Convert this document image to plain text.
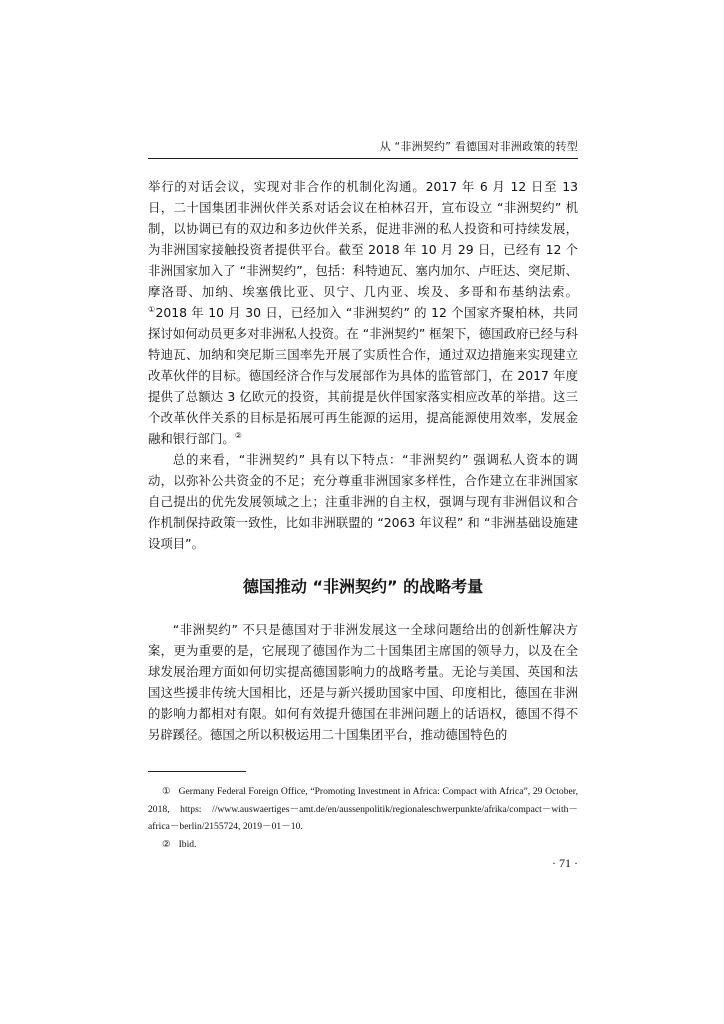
从 “非洲契约” 看德国对非洲政策的转型

举行的对话会议，实现对非合作的机制化沟通。2017 年 6 月 12 日至 13 日，二十国集团非洲伙伴关系对话会议在柏林召开，宣布设立 “非洲契约” 机制，以协调已有的双边和多边伙伴关系，促进非洲的私人投资和可持续发展，为非洲国家接触投资者提供平台。截至 2018 年 10 月 29 日，已经有 12 个非洲国家加入了 “非洲契约”，包括：科特迪瓦、塞内加尔、卢旺达、突尼斯、摩洛哥、加纳、埃塞俄比亚、贝宁、几内亚、埃及、多哥和布基纳法索。①2018 年 10 月 30 日，已经加入 “非洲契约” 的 12 个国家齐聚柏林，共同探讨如何动员更多对非洲私人投资。在 “非洲契约” 框架下，德国政府已经与科特迪瓦、加纳和突尼斯三国率先开展了实质性合作，通过双边措施来实现建立改革伙伴的目标。德国经济合作与发展部作为具体的监管部门，在 2017 年度提供了总额达 3 亿欧元的投资，其前提是伙伴国家落实相应改革的举措。这三个改革伙伴关系的目标是拓展可再生能源的运用，提高能源使用效率，发展金融和银行部门。②

总的来看，“非洲契约” 具有以下特点：“非洲契约” 强调私人资本的调动，以弥补公共资金的不足；充分尊重非洲国家多样性，合作建立在非洲国家自己提出的优先发展领域之上；注重非洲的自主权，强调与现有非洲倡议和合作机制保持政策一致性，比如非洲联盟的 “2063 年议程” 和 “非洲基础设施建设项目”。

德国推动 “非洲契约” 的战略考量

“非洲契约” 不只是德国对于非洲发展这一全球问题给出的创新性解决方案，更为重要的是，它展现了德国作为二十国集团主席国的领导力，以及在全球发展治理方面如何切实提高德国影响力的战略考量。无论与美国、英国和法国这些援非传统大国相比，还是与新兴援助国家中国、印度相比，德国在非洲的影响力都相对有限。如何有效提升德国在非洲问题上的话语权，德国不得不另辟蹊径。德国之所以积极运用二十国集团平台，推动德国特色的

① Germany Federal Foreign Office, “Promoting Investment in Africa: Compact with Africa”, 29 October, 2018, https: //www.auswaertiges－amt.de/en/aussenpolitik/regionaleschwerpunkte/afrika/compact－with－africa－berlin/2155724, 2019－01－10.

② Ibid.

· 71 ·
